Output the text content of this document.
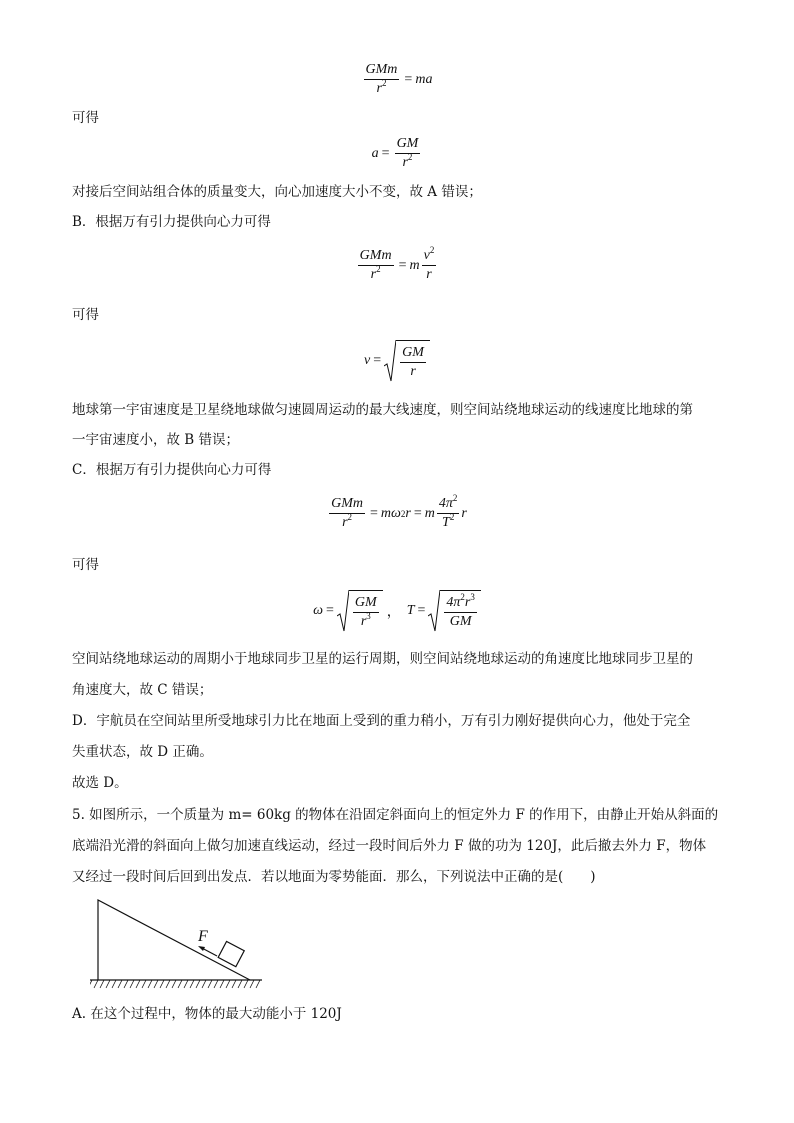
$\frac{\text{GMm}}{r^2}$ = ma
可得
$a = \frac{GM}{r^2}$
对接后空间站组合体的质量变大，向心加速度大小不变，故 A 错误；
B．根据万有引力提供向心力可得
$\frac{\text{GMm}}{r^2} = m \frac{v^2}{r}$
可得
$v = \frac{GM}{r}$
地球第一宇宙速度是卫星绕地球做匀速圆周运动的最大线速度，则空间站绕地球运动的线速度比地球的第
一宇宙速度小，故 B 错误；
C．根据万有引力提供向心力可得
$\frac{\text{GMm}}{r^2} = m$ ω 2 r = m $\frac{4\pi^2}{T^2}$ r
可得
$\omega = \frac{GM}{r^3}$ ， $T = \frac{4\pi^2r^3}{GM}$
空间站绕地球运动的周期小于地球同步卫星的运行周期，则空间站绕地球运动的角速度比地球同步卫星的
角速度大，故 C 错误；
D．宇航员在空间站里所受地球引力比在地面上受到的重力稍小，万有引力刚好提供向心力，他处于完全
失重状态，故 D 正确。
故选 D。
5. 如图所示，一个质量为 m= 60kg 的物体在沿固定斜面向上的恒定外力 F 的作用下，由静止开始从斜面的
底端沿光滑的斜面向上做匀加速直线运动，经过一段时间后外力 F 做的功为 120J，此后撤去外力 F，物体
又经过一段时间后回到出发点．若以地面为零势能面．那么，下列说法中正确的是(　　)
F
A. 在这个过程中，物体的最大动能小于 120J
